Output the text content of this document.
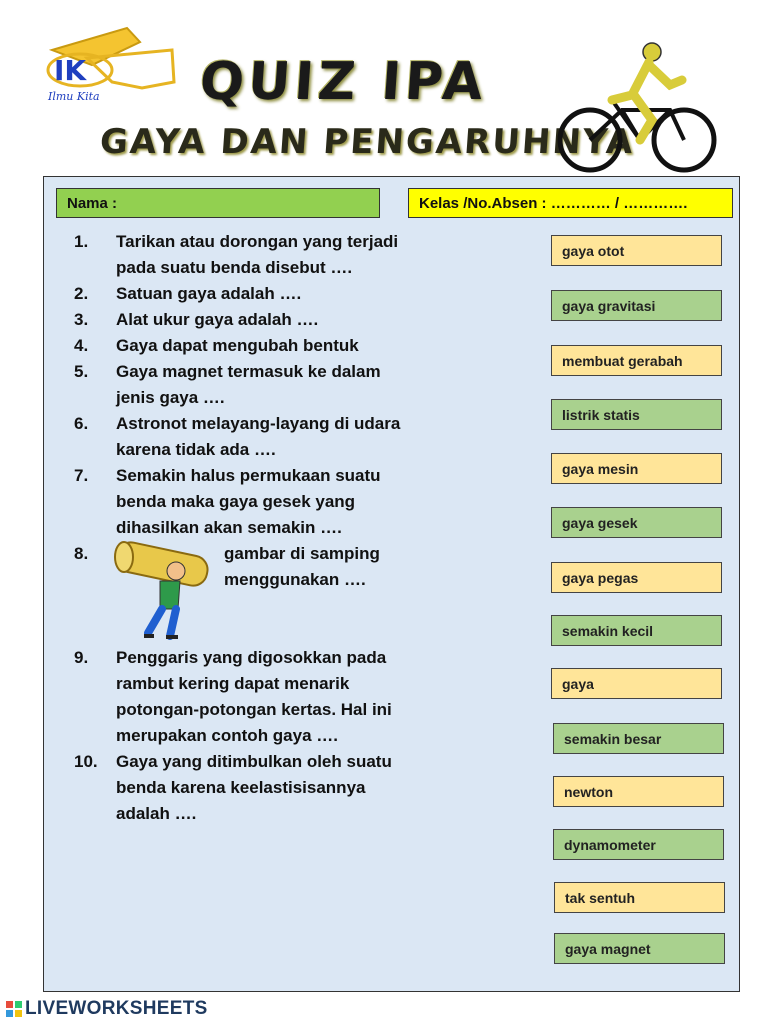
IK
Ilmu Kita QUIZ IPA
GAYA DAN PENGARUHNYA
Nama :	Kelas /No.Absen : ………… / ………….
1.	Tarikan atau dorongan yang terjadi pada suatu benda disebut ….
2.	Satuan gaya adalah ….
3.	Alat ukur gaya adalah ….
4.	Gaya dapat mengubah bentuk
5.	Gaya magnet termasuk ke dalam jenis gaya ….
6.	Astronot melayang-layang di udara karena tidak ada ….
7.	Semakin halus permukaan suatu benda maka gaya gesek yang dihasilkan akan semakin ….
8.	gambar di samping menggunakan ….
9.	Penggaris yang digosokkan pada rambut kering dapat menarik potongan-potongan kertas. Hal ini merupakan contoh gaya ….
10.	Gaya yang ditimbulkan oleh suatu benda karena keelastisisannya adalah ….
gaya otot
gaya gravitasi
membuat gerabah
listrik statis
gaya mesin
gaya gesek
gaya pegas
semakin kecil
gaya
semakin besar
newton
dynamometer
tak sentuh
gaya magnet
LIVEWORKSHEETS
